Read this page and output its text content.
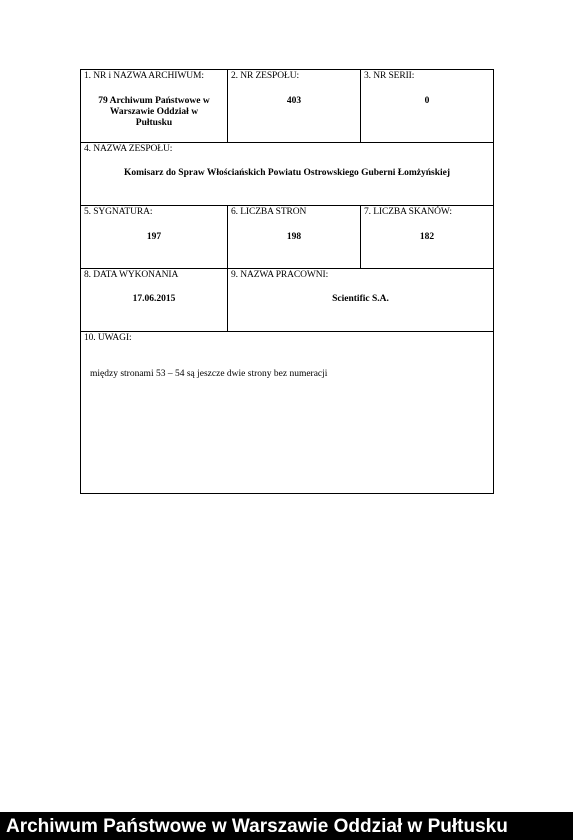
1. NR i NAZWA ARCHIWUM:
79 Archiwum Państwowe w Warszawie Oddział w Pułtusku
2. NR ZESPOŁU:
403
3. NR SERII:
0
4. NAZWA ZESPOŁU:
Komisarz do Spraw Włościańskich Powiatu Ostrowskiego Guberni Łomżyńskiej
5. SYGNATURA:
197
6. LICZBA STRON
198
7. LICZBA SKANÓW:
182
8. DATA WYKONANIA
17.06.2015
9. NAZWA PRACOWNI:
Scientific S.A.
10. UWAGI:
między stronami 53 – 54 są jeszcze dwie strony bez numeracji
Archiwum Państwowe w Warszawie Oddział w Pułtusku
